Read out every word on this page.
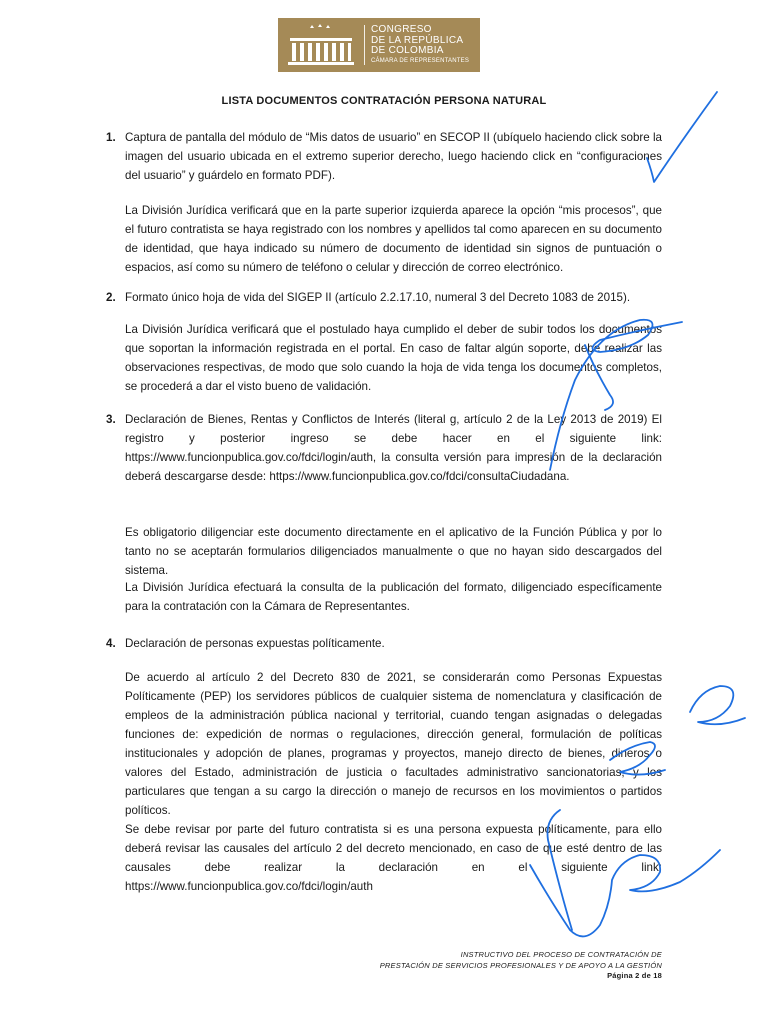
CONGRESO
DE LA REPÚBLICA
DE COLOMBIA
CÁMARA DE REPRESENTANTES
LISTA DOCUMENTOS CONTRATACIÓN PERSONA NATURAL
1. Captura de pantalla del módulo de “Mis datos de usuario” en SECOP II (ubíquelo haciendo click sobre la imagen del usuario ubicada en el extremo superior derecho, luego haciendo click en “configuraciones del usuario” y guárdelo en formato PDF).
La División Jurídica verificará que en la parte superior izquierda aparece la opción “mis procesos”, que el futuro contratista se haya registrado con los nombres y apellidos tal como aparecen en su documento de identidad, que haya indicado su número de documento de identidad sin signos de puntuación o espacios, así como su número de teléfono o celular y dirección de correo electrónico.
2. Formato único hoja de vida del SIGEP II (artículo 2.2.17.10, numeral 3 del Decreto 1083 de 2015).
La División Jurídica verificará que el postulado haya cumplido el deber de subir todos los documentos que soportan la información registrada en el portal. En caso de faltar algún soporte, debe realizar las observaciones respectivas, de modo que solo cuando la hoja de vida tenga los documentos completos, se procederá a dar el visto bueno de validación.
3. Declaración de Bienes, Rentas y Conflictos de Interés (literal g, artículo 2 de la Ley 2013 de 2019) El registro y posterior ingreso se debe hacer en el siguiente link: https://www.funcionpublica.gov.co/fdci/login/auth, la consulta versión para impresión de la declaración deberá descargarse desde: https://www.funcionpublica.gov.co/fdci/consultaCiudadana.
Es obligatorio diligenciar este documento directamente en el aplicativo de la Función Pública y por lo tanto no se aceptarán formularios diligenciados manualmente o que no hayan sido descargados del sistema.
La División Jurídica efectuará la consulta de la publicación del formato, diligenciado específicamente para la contratación con la Cámara de Representantes.
4. Declaración de personas expuestas políticamente.
De acuerdo al artículo 2 del Decreto 830 de 2021, se considerarán como Personas Expuestas Políticamente (PEP) los servidores públicos de cualquier sistema de nomenclatura y clasificación de empleos de la administración pública nacional y territorial, cuando tengan asignadas o delegadas funciones de: expedición de normas o regulaciones, dirección general, formulación de políticas institucionales y adopción de planes, programas y proyectos, manejo directo de bienes, dineros o valores del Estado, administración de justicia o facultades administrativo sancionatorias, y los particulares que tengan a su cargo la dirección o manejo de recursos en los movimientos o partidos políticos.
Se debe revisar por parte del futuro contratista si es una persona expuesta políticamente, para ello deberá revisar las causales del artículo 2 del decreto mencionado, en caso de que esté dentro de las causales debe realizar la declaración en el siguiente link: https://www.funcionpublica.gov.co/fdci/login/auth
INSTRUCTIVO DEL PROCESO DE CONTRATACIÓN DE
PRESTACIÓN DE SERVICIOS PROFESIONALES Y DE APOYO A LA GESTIÓN
Página 2 de 18
